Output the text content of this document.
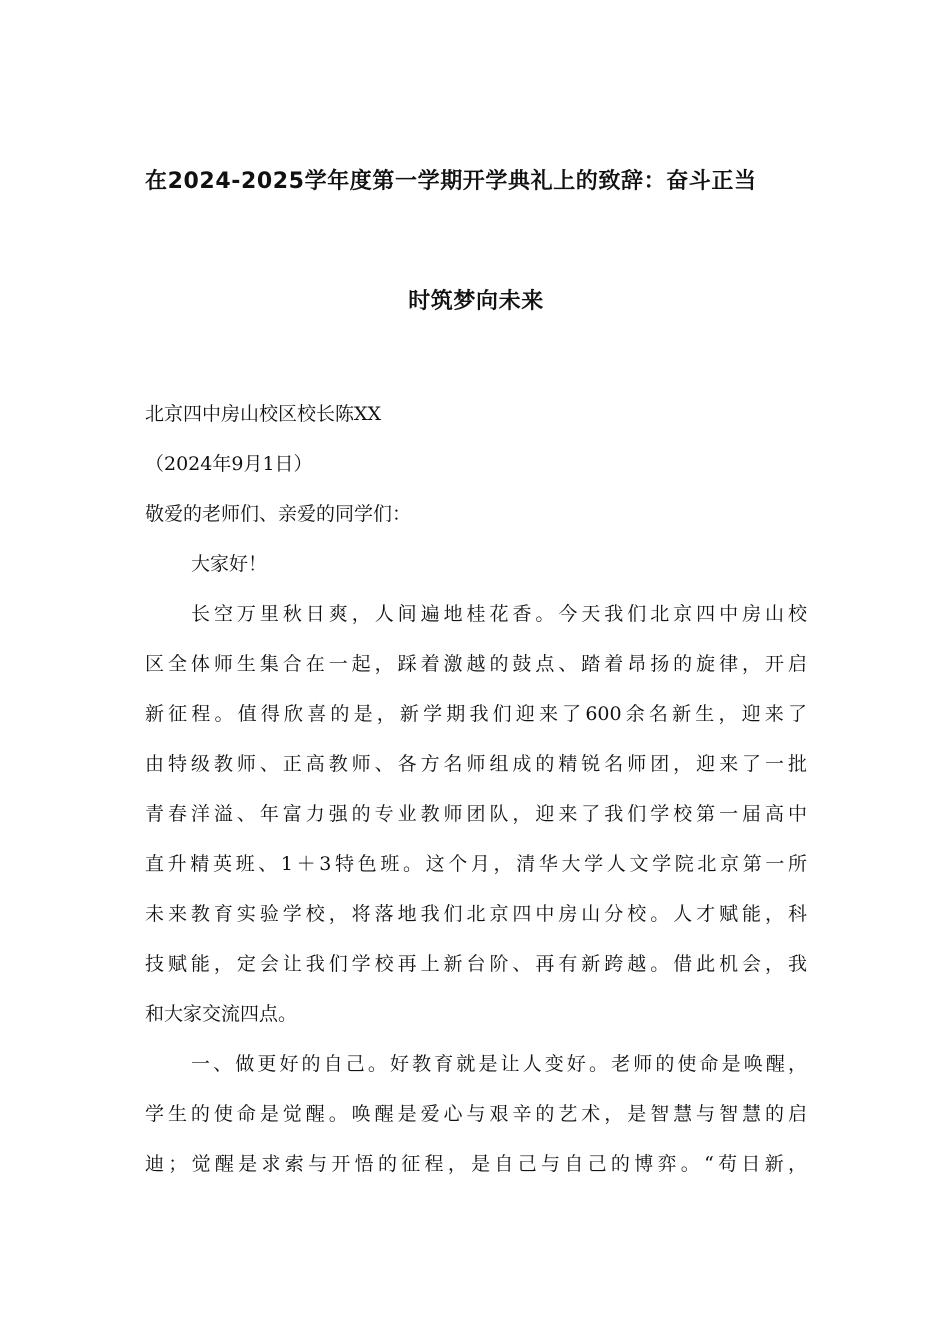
在2024-2025学年度第一学期开学典礼上的致辞：奋斗正当
时筑梦向未来
北京四中房山校区校长陈XX
（2024年9月1日）
敬爱的老师们、亲爱的同学们：
大家好！
长空万里秋日爽，人间遍地桂花香。今天我们北京四中房山校
区全体师生集合在一起，踩着激越的鼓点、踏着昂扬的旋律，开启
新征程。值得欣喜的是，新学期我们迎来了600余名新生，迎来了
由特级教师、正高教师、各方名师组成的精锐名师团，迎来了一批
青春洋溢、年富力强的专业教师团队，迎来了我们学校第一届高中
直升精英班、1＋3特色班。这个月，清华大学人文学院北京第一所
未来教育实验学校，将落地我们北京四中房山分校。人才赋能，科
技赋能，定会让我们学校再上新台阶、再有新跨越。借此机会，我
和大家交流四点。
一、做更好的自己。好教育就是让人变好。老师的使命是唤醒，
学生的使命是觉醒。唤醒是爱心与艰辛的艺术，是智慧与智慧的启
迪；觉醒是求索与开悟的征程，是自己与自己的博弈。“苟日新，
